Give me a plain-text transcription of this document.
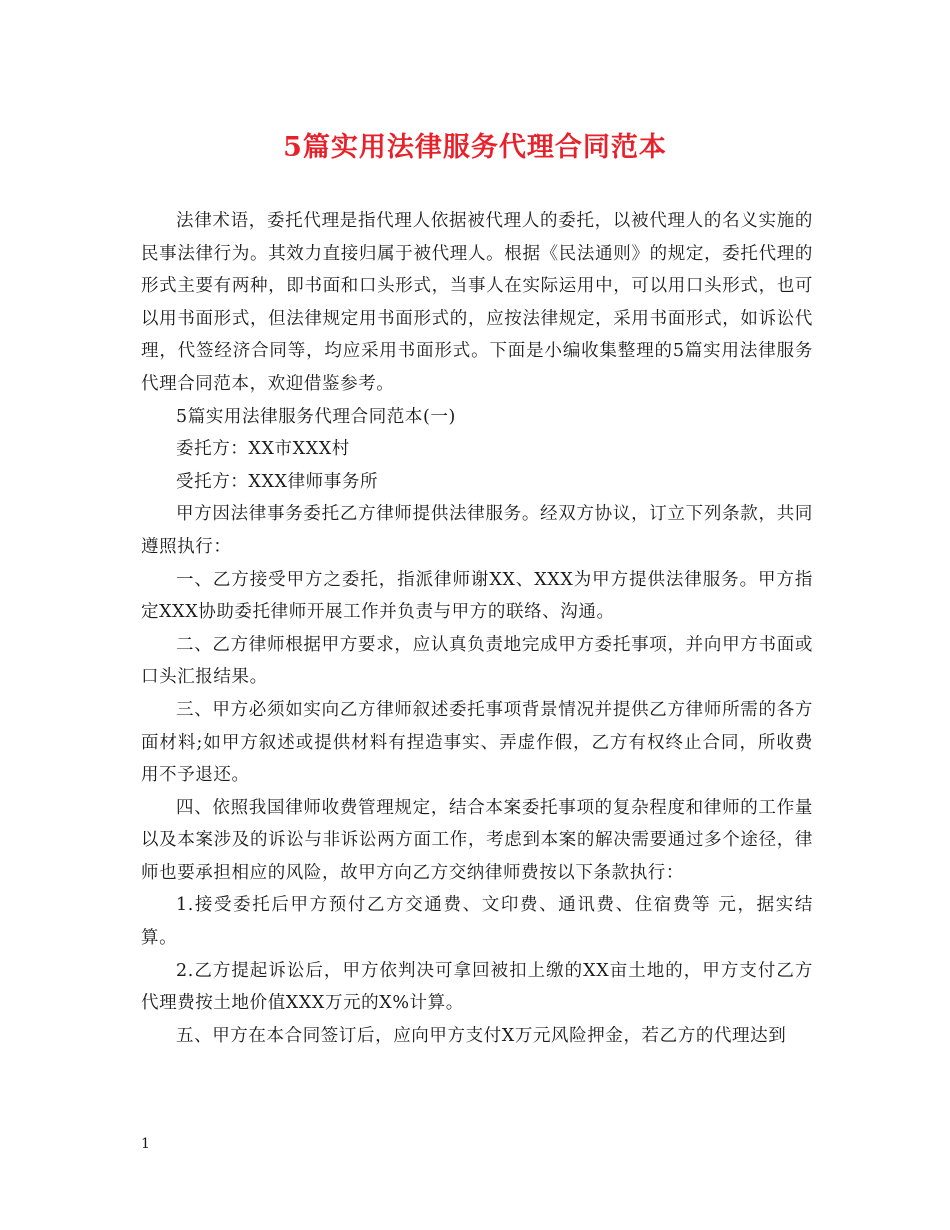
5篇实用法律服务代理合同范本

法律术语，委托代理是指代理人依据被代理人的委托，以被代理人的名义实施的民事法律行为。其效力直接归属于被代理人。根据《民法通则》的规定，委托代理的形式主要有两种，即书面和口头形式，当事人在实际运用中，可以用口头形式，也可以用书面形式，但法律规定用书面形式的，应按法律规定，采用书面形式，如诉讼代理，代签经济合同等，均应采用书面形式。下面是小编收集整理的5篇实用法律服务代理合同范本，欢迎借鉴参考。

5篇实用法律服务代理合同范本(一)

委托方：XX市XXX村

受托方：XXX律师事务所

甲方因法律事务委托乙方律师提供法律服务。经双方协议，订立下列条款，共同遵照执行：

一、乙方接受甲方之委托，指派律师谢XX、XXX为甲方提供法律服务。甲方指定XXX协助委托律师开展工作并负责与甲方的联络、沟通。

二、乙方律师根据甲方要求，应认真负责地完成甲方委托事项，并向甲方书面或口头汇报结果。

三、甲方必须如实向乙方律师叙述委托事项背景情况并提供乙方律师所需的各方面材料;如甲方叙述或提供材料有捏造事实、弄虚作假，乙方有权终止合同，所收费用不予退还。

四、依照我国律师收费管理规定，结合本案委托事项的复杂程度和律师的工作量以及本案涉及的诉讼与非诉讼两方面工作，考虑到本案的解决需要通过多个途径，律师也要承担相应的风险，故甲方向乙方交纳律师费按以下条款执行：

1.接受委托后甲方预付乙方交通费、文印费、通讯费、住宿费等 元，据实结算。

2.乙方提起诉讼后，甲方依判决可拿回被扣上缴的XX亩土地的，甲方支付乙方代理费按土地价值XXX万元的X%计算。

五、甲方在本合同签订后，应向甲方支付X万元风险押金，若乙方的代理达到

1
